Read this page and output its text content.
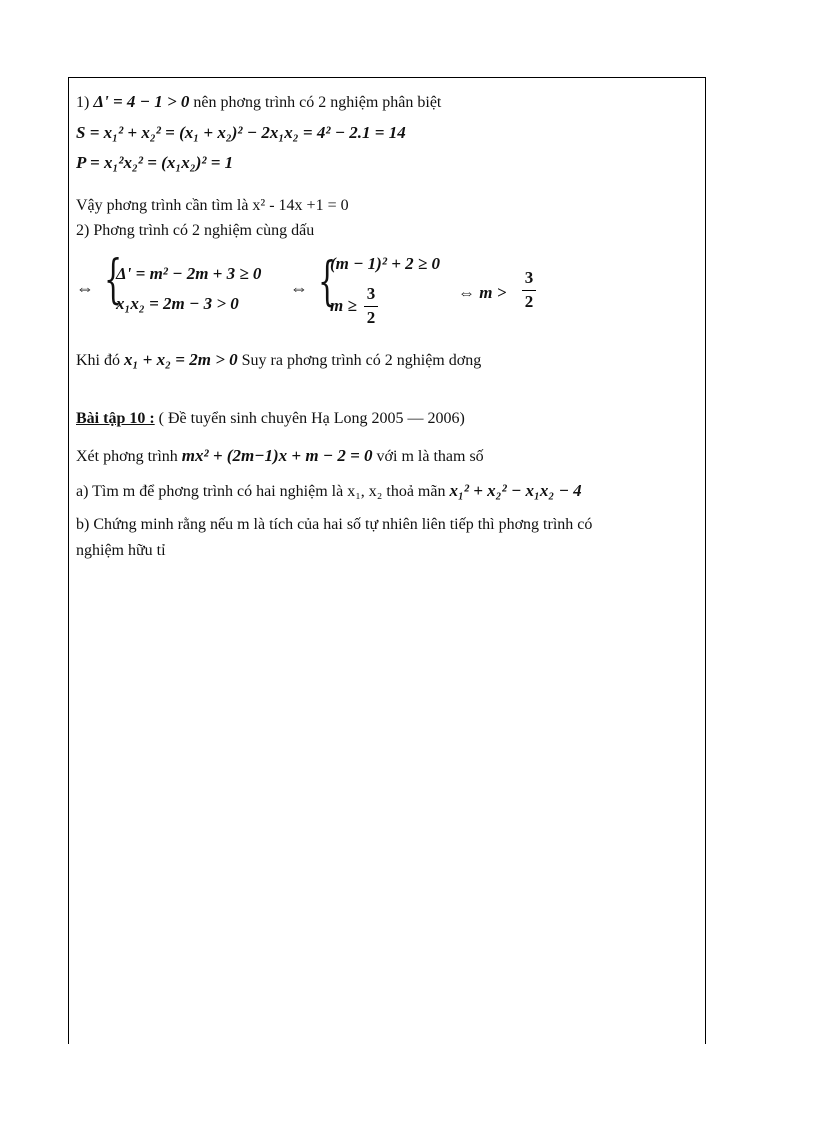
1) Δ' = 4 − 1 > 0 nên phơng trình có 2 nghiệm phân biệt
S = x₁² + x₂² = (x₁ + x₂)² − 2x₁x₂ = 4² − 2.1 = 14
P = x₁²x₂² = (x₁x₂)² = 1
Vậy phơng trình cần tìm là x² - 14x +1 = 0
2) Phơng trình có 2 nghiệm cùng dấu
⇔ {
Δ' = m² − 2m + 3 ≥ 0
x₁x₂ = 2m − 3 > 0
⇔ {
(m − 1)² + 2 ≥ 0
m ≥
3
2
⇔ m >
3
2
Khi đó x₁ + x₂ = 2m > 0 Suy ra phơng trình có 2 nghiệm dơng
Bài tập 10 : ( Đề tuyển sinh chuyên Hạ Long 2005 — 2006)
Xét phơng trình mx² + (2m−1)x + m − 2 = 0 với m là tham số
a) Tìm m để phơng trình có hai nghiệm là x₁, x₂ thoả mãn x₁² + x₂² − x₁x₂ − 4
b) Chứng minh rằng nếu m là tích của hai số tự nhiên liên tiếp thì phơng trình có
nghiệm hữu tỉ
